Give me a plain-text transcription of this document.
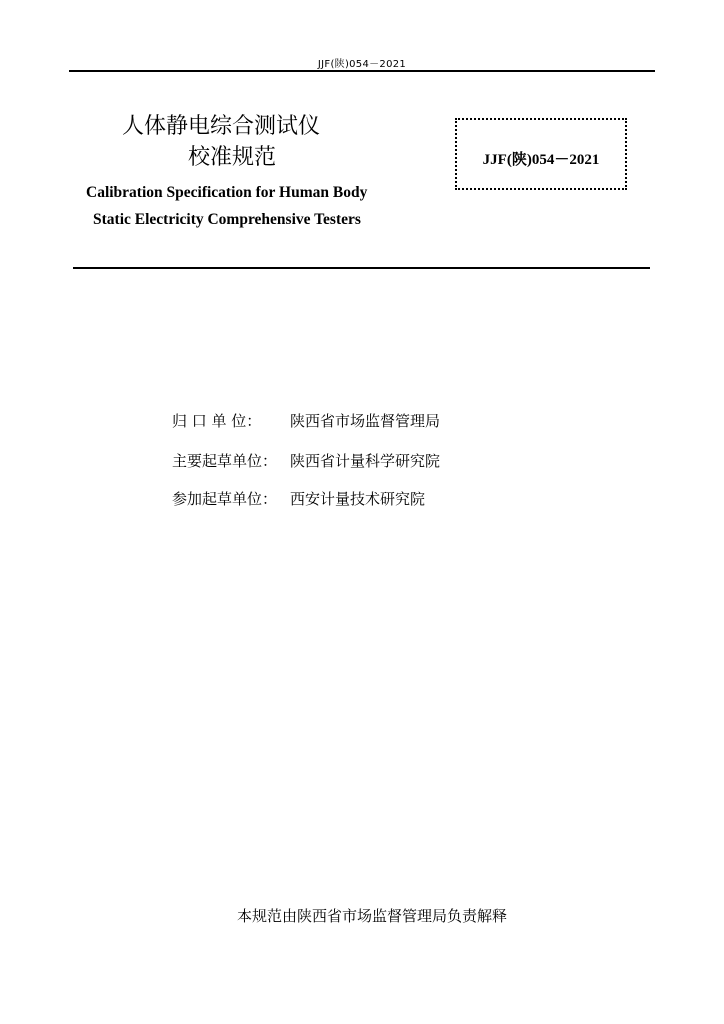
JJF(陕)054－2021
人体静电综合测试仪
校准规范
Calibration Specification for Human Body
Static Electricity Comprehensive Testers
JJF(陕)054－2021
归 口 单 位： 陕西省市场监督管理局
主要起草单位： 陕西省计量科学研究院
参加起草单位： 西安计量技术研究院
本规范由陕西省市场监督管理局负责解释
